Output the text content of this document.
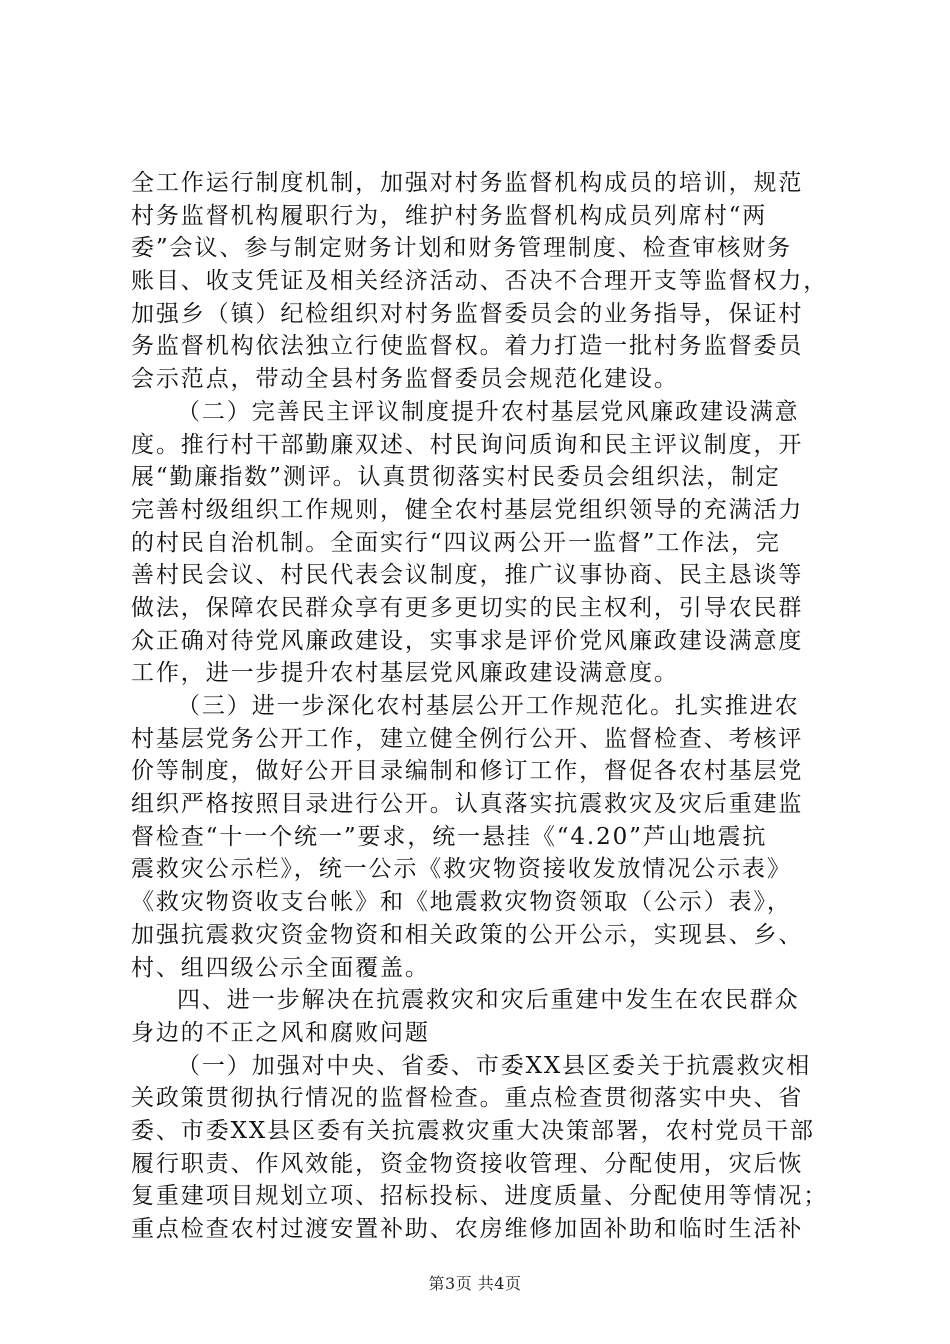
全工作运行制度机制，加强对村务监督机构成员的培训，规范
村务监督机构履职行为，维护村务监督机构成员列席村“两
委”会议、参与制定财务计划和财务管理制度、检查审核财务
账目、收支凭证及相关经济活动、否决不合理开支等监督权力，
加强乡（镇）纪检组织对村务监督委员会的业务指导，保证村
务监督机构依法独立行使监督权。着力打造一批村务监督委员
会示范点，带动全县村务监督委员会规范化建设。
（二）完善民主评议制度提升农村基层党风廉政建设满意
度。推行村干部勤廉双述、村民询问质询和民主评议制度，开
展“勤廉指数”测评。认真贯彻落实村民委员会组织法，制定
完善村级组织工作规则，健全农村基层党组织领导的充满活力
的村民自治机制。全面实行“四议两公开一监督”工作法，完
善村民会议、村民代表会议制度，推广议事协商、民主恳谈等
做法，保障农民群众享有更多更切实的民主权利，引导农民群
众正确对待党风廉政建设，实事求是评价党风廉政建设满意度
工作，进一步提升农村基层党风廉政建设满意度。
（三）进一步深化农村基层公开工作规范化。扎实推进农
村基层党务公开工作，建立健全例行公开、监督检查、考核评
价等制度，做好公开目录编制和修订工作，督促各农村基层党
组织严格按照目录进行公开。认真落实抗震救灾及灾后重建监
督检查“十一个统一”要求，统一悬挂《“4.20”芦山地震抗
震救灾公示栏》，统一公示《救灾物资接收发放情况公示表》
《救灾物资收支台帐》和《地震救灾物资领取（公示）表》，
加强抗震救灾资金物资和相关政策的公开公示，实现县、乡、
村、组四级公示全面覆盖。
四、进一步解决在抗震救灾和灾后重建中发生在农民群众
身边的不正之风和腐败问题
（一）加强对中央、省委、市委XX县区委关于抗震救灾相
关政策贯彻执行情况的监督检查。重点检查贯彻落实中央、省
委、市委XX县区委有关抗震救灾重大决策部署，农村党员干部
履行职责、作风效能，资金物资接收管理、分配使用，灾后恢
复重建项目规划立项、招标投标、进度质量、分配使用等情况；
重点检查农村过渡安置补助、农房维修加固补助和临时生活补
第3页 共4页
